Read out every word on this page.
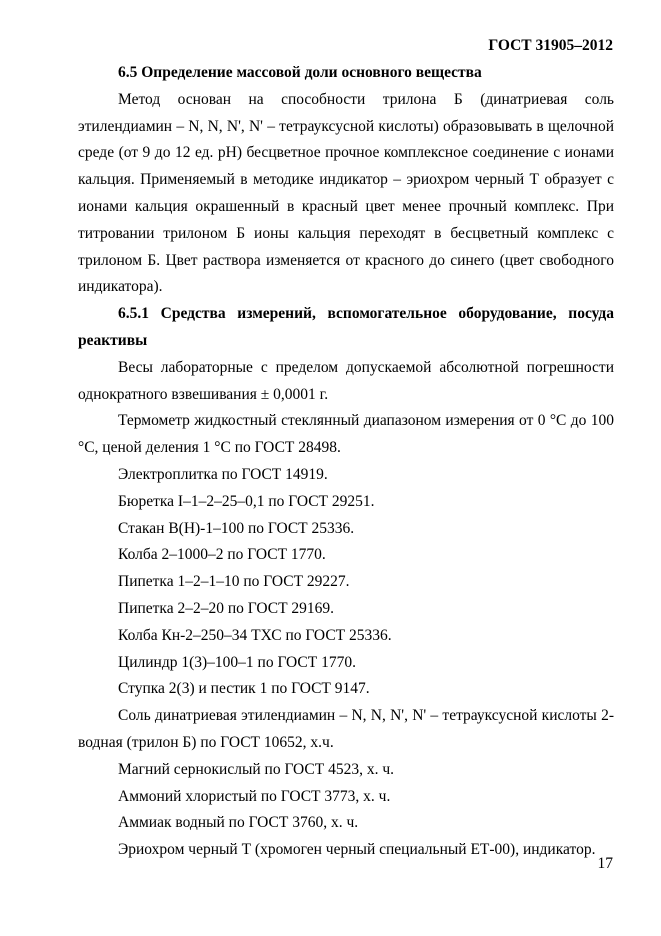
ГОСТ 31905–2012

6.5 Определение массовой доли основного вещества

Метод основан на способности трилона Б (динатриевая соль этилендиамин – N, N, N', N' – тетрауксусной кислоты) образовывать в щелочной среде (от 9 до 12 ед. pH) бесцветное прочное комплексное соединение с ионами кальция. Применяемый в методике индикатор – эриохром черный Т образует с ионами кальция окрашенный в красный цвет менее прочный комплекс. При титровании трилоном Б ионы кальция переходят в бесцветный комплекс с трилоном Б. Цвет раствора изменяется от красного до синего (цвет свободного индикатора).

6.5.1 Средства измерений, вспомогательное оборудование, посуда реактивы

Весы лабораторные с пределом допускаемой абсолютной погрешности однократного взвешивания ± 0,0001 г.

Термометр жидкостный стеклянный диапазоном измерения от 0 °С до 100 °С, ценой деления 1 °С по ГОСТ 28498.

Электроплитка по ГОСТ 14919.

Бюретка I–1–2–25–0,1 по ГОСТ 29251.

Стакан В(Н)-1–100 по ГОСТ 25336.

Колба 2–1000–2 по ГОСТ 1770.

Пипетка 1–2–1–10 по ГОСТ 29227.

Пипетка 2–2–20 по ГОСТ 29169.

Колба Кн-2–250–34 ТХС по ГОСТ 25336.

Цилиндр 1(3)–100–1 по ГОСТ 1770.

Ступка 2(3) и пестик 1 по ГОСТ 9147.

Соль динатриевая этилендиамин – N, N, N', N' – тетрауксусной кислоты 2-водная (трилон Б) по ГОСТ 10652, х.ч.

Магний сернокислый по ГОСТ 4523, х. ч.

Аммоний хлористый по ГОСТ 3773, х. ч.

Аммиак водный по ГОСТ 3760, х. ч.

Эриохром черный Т (хромоген черный специальный ЕТ-00), индикатор.

17
